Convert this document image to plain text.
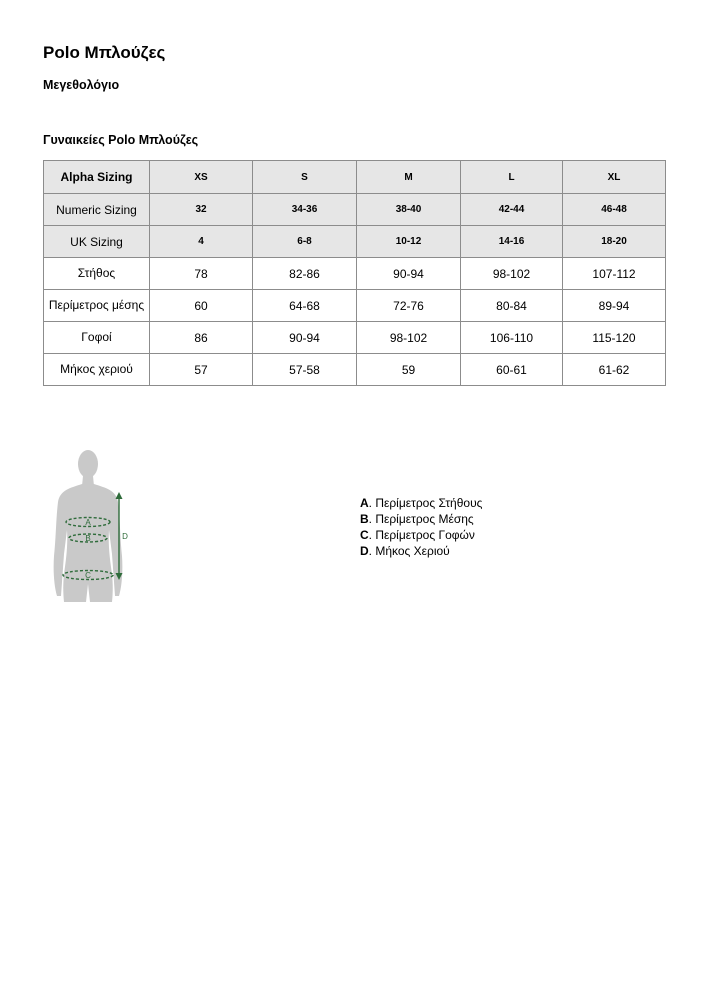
Polo Μπλούζες
Μεγεθολόγιο
Γυναικείες Polo Μπλούζες
Alpha Sizing	XS	S	M	L	XL
Numeric Sizing	32	34-36	38-40	42-44	46-48
UK Sizing	4	6-8	10-12	14-16	18-20
Στήθος	78	82-86	90-94	98-102	107-112
Περίμετρος μέσης	60	64-68	72-76	80-84	89-94
Γοφοί	86	90-94	98-102	106-110	115-120
Μήκος χεριού	57	57-58	59	60-61	61-62
A
B
C
D
A. Περίμετρος Στήθους
B. Περίμετρος Μέσης
C. Περίμετρος Γοφών
D. Μήκος Χεριού
